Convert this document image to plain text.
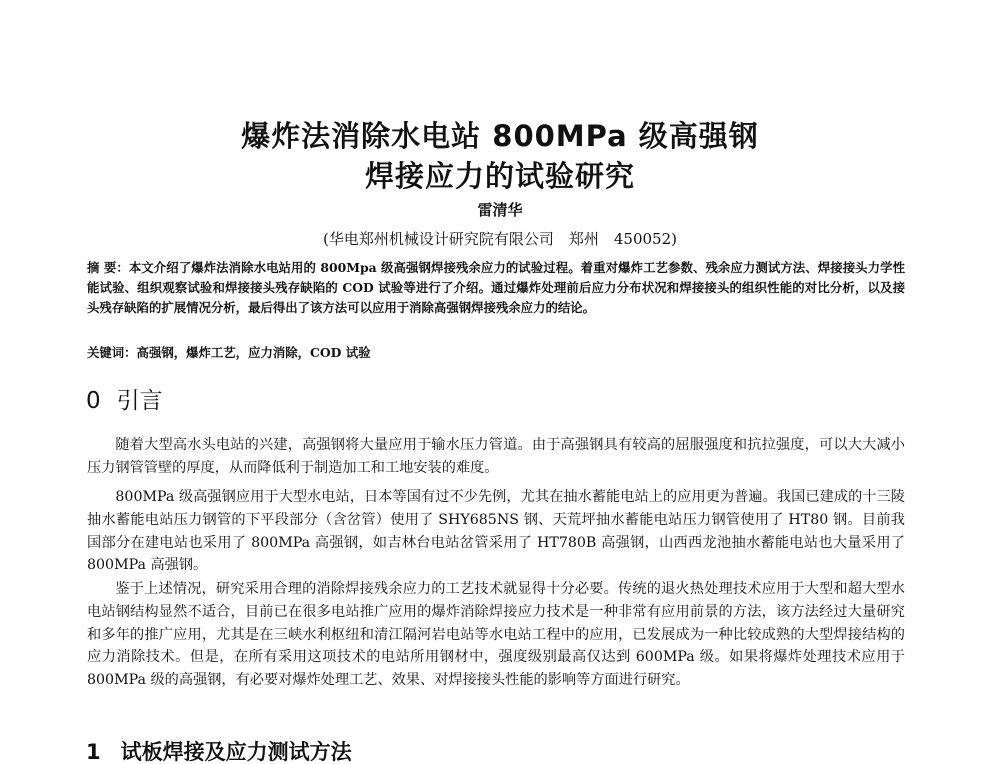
爆炸法消除水电站 800MPa 级高强钢
焊接应力的试验研究
雷清华
(华电郑州机械设计研究院有限公司　郑州　450052)

摘 要：本文介绍了爆炸法消除水电站用的 800Mpa 级高强钢焊接残余应力的试验过程。着重对爆炸工艺参数、残余应力测试方法、焊接接头力学性能试验、组织观察试验和焊接接头残存缺陷的 COD 试验等进行了介绍。通过爆炸处理前后应力分布状况和焊接接头的组织性能的对比分析，以及接头残存缺陷的扩展情况分析，最后得出了该方法可以应用于消除高强钢焊接残余应力的结论。

关键词：高强钢，爆炸工艺，应力消除，COD 试验

0 引言

随着大型高水头电站的兴建，高强钢将大量应用于输水压力管道。由于高强钢具有较高的屈服强度和抗拉强度，可以大大减小压力钢管管壁的厚度，从而降低利于制造加工和工地安装的难度。

800MPa 级高强钢应用于大型水电站，日本等国有过不少先例，尤其在抽水蓄能电站上的应用更为普遍。我国已建成的十三陵抽水蓄能电站压力钢管的下平段部分（含岔管）使用了 SHY685NS 钢、天荒坪抽水蓄能电站压力钢管使用了 HT80 钢。目前我国部分在建电站也采用了 800MPa 高强钢，如吉林台电站岔管采用了 HT780B 高强钢，山西西龙池抽水蓄能电站也大量采用了 800MPa 高强钢。

鉴于上述情况，研究采用合理的消除焊接残余应力的工艺技术就显得十分必要。传统的退火热处理技术应用于大型和超大型水电站钢结构显然不适合，目前已在很多电站推广应用的爆炸消除焊接应力技术是一种非常有应用前景的方法，该方法经过大量研究和多年的推广应用，尤其是在三峡水利枢纽和清江隔河岩电站等水电站工程中的应用，已发展成为一种比较成熟的大型焊接结构的应力消除技术。但是，在所有采用这项技术的电站所用钢材中，强度级别最高仅达到 600MPa 级。如果将爆炸处理技术应用于 800MPa 级的高强钢，有必要对爆炸处理工艺、效果、对焊接接头性能的影响等方面进行研究。

1 试板焊接及应力测试方法
